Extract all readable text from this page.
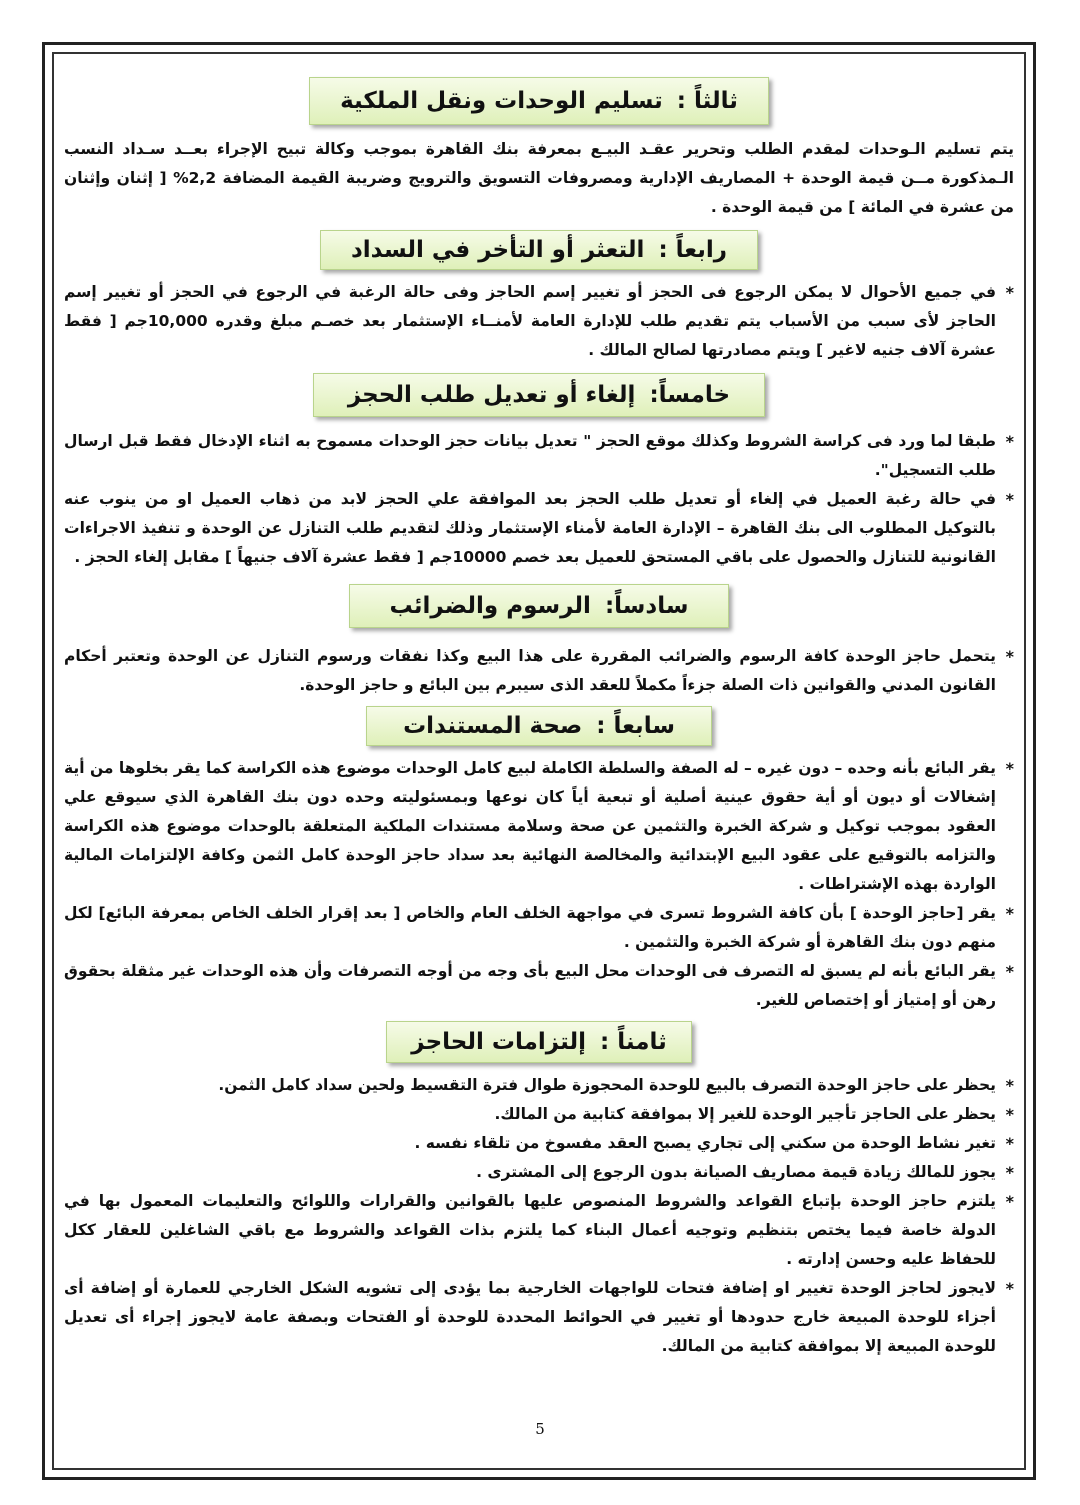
ثالثاً :
تسليم الوحدات ونقل الملكية

يتم تسليم الـوحدات لمقدم الطلب وتحرير عقـد البيـع بمعرفة بنك القاهرة بموجب وكالة تبيح الإجراء بعــد سـداد النسب الـمذكورة مــن قيمة الوحدة + المصاريف الإدارية ومصروفات التسويق والترويج وضريبة القيمة المضافة 2,2% [ إثنان وإثنان من عشرة في المائة ] من قيمة الوحدة .

رابعاً :
التعثر أو التأخر في السداد
*
في جميع الأحوال لا يمكن الرجوع فى الحجز أو تغيير إسم الحاجز وفى حالة الرغبة في الرجوع في الحجز أو تغيير إسم الحاجز لأى سبب من الأسباب يتم تقديم طلب للإدارة العامة لأمنــاء الإستثمار بعد خصـم مبلغ وقدره 10,000جم [ فقط عشرة آلاف جنيه لاغير ] ويتم مصادرتها لصالح المالك .
خامساً:
إلغاء أو تعديل طلب الحجز
*
طبقا لما ورد فى كراسة الشروط وكذلك موقع الحجز " تعديل بيانات حجز الوحدات مسموح به اثناء الإدخال فقط قبل ارسال طلب التسجيل".
*
في حالة رغبة العميل في إلغاء أو تعديل طلب الحجز بعد الموافقة علي الحجز لابد من ذهاب العميل او من ينوب عنه بالتوكيل المطلوب الى بنك القاهرة – الإدارة العامة لأمناء الإستثمار وذلك لتقديم طلب التنازل عن الوحدة و تنفيذ الاجراءات القانونية للتنازل والحصول على باقي المستحق للعميل بعد خصم 10000جم [ فقط عشرة آلاف جنيهاً ] مقابل إلغاء الحجز .
سادساً:
الرسوم والضرائب
*
يتحمل حاجز الوحدة كافة الرسوم والضرائب المقررة على هذا البيع وكذا نفقات ورسوم التنازل عن الوحدة وتعتبر أحكام القانون المدني والقوانين ذات الصلة جزءاً مكملاً للعقد الذى سيبرم بين البائع و حاجز الوحدة.
سابعاً :
صحة المستندات
*
يقر البائع بأنه وحده – دون غيره – له الصفة والسلطة الكاملة لبيع كامل الوحدات موضوع هذه الكراسة كما يقر بخلوها من أية إشغالات أو ديون أو أية حقوق عينية أصلية أو تبعية أياً كان نوعها وبمسئوليته وحده دون بنك القاهرة الذي سيوقع علي العقود بموجب توكيل و شركة الخبرة والتثمين عن صحة وسلامة مستندات الملكية المتعلقة بالوحدات موضوع هذه الكراسة والتزامه بالتوقيع على عقود البيع الإبتدائية والمخالصة النهائية بعد سداد حاجز الوحدة كامل الثمن وكافة الإلتزامات المالية الواردة بهذه الإشتراطات .
*
يقر [حاجز الوحدة ] بأن كافة الشروط تسرى في مواجهة الخلف العام والخاص [ بعد إقرار الخلف الخاص بمعرفة البائع] لكل منهم دون بنك القاهرة أو شركة الخبرة والتثمين .
*
يقر البائع بأنه لم يسبق له التصرف فى الوحدات محل البيع بأى وجه من أوجه التصرفات وأن هذه الوحدات غير مثقلة بحقوق رهن أو إمتياز أو إختصاص للغير.
ثامناً :
إلتزامات الحاجز
*
يحظر على حاجز الوحدة التصرف بالبيع للوحدة المحجوزة طوال فترة التقسيط ولحين سداد كامل الثمن.
*
يحظر على الحاجز تأجير الوحدة للغير إلا بموافقة كتابية من المالك.
*
تغير نشاط الوحدة من سكني إلى تجاري يصبح العقد مفسوخ من تلقاء نفسه .
*
يجوز للمالك زيادة قيمة مصاريف الصيانة بدون الرجوع إلى المشترى .
*
يلتزم حاجز الوحدة بإتباع القواعد والشروط المنصوص عليها بالقوانين والقرارات واللوائح والتعليمات المعمول بها في الدولة خاصة فيما يختص بتنظيم وتوجيه أعمال البناء كما يلتزم بذات القواعد والشروط مع باقي الشاغلين للعقار ككل للحفاظ عليه وحسن إدارته .
*
لايجوز لحاجز الوحدة تغيير او إضافة فتحات للواجهات الخارجية بما يؤدى إلى تشويه الشكل الخارجي للعمارة أو إضافة أى أجزاء للوحدة المبيعة خارج حدودها أو تغيير في الحوائط المحددة للوحدة أو الفتحات وبصفة عامة لايجوز إجراء أى تعديل للوحدة المبيعة إلا بموافقة كتابية من المالك.
5
